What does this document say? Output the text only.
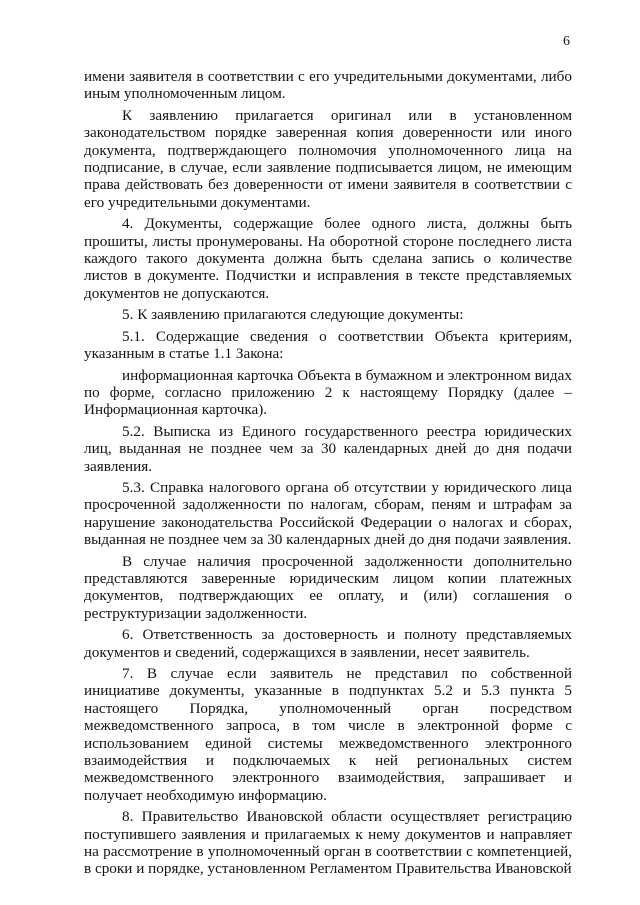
6

имени заявителя в соответствии с его учредительными документами, либо иным уполномоченным лицом.

К заявлению прилагается оригинал или в установленном законодательством порядке заверенная копия доверенности или иного документа, подтверждающего полномочия уполномоченного лица на подписание, в случае, если заявление подписывается лицом, не имеющим права действовать без доверенности от имени заявителя в соответствии с его учредительными документами.

4. Документы, содержащие более одного листа, должны быть прошиты, листы пронумерованы. На оборотной стороне последнего листа каждого такого документа должна быть сделана запись о количестве листов в документе. Подчистки и исправления в тексте представляемых документов не допускаются.

5. К заявлению прилагаются следующие документы:

5.1. Содержащие сведения о соответствии Объекта критериям, указанным в статье 1.1 Закона:

информационная карточка Объекта в бумажном и электронном видах по форме, согласно приложению 2 к настоящему Порядку (далее – Информационная карточка).

5.2. Выписка из Единого государственного реестра юридических лиц, выданная не позднее чем за 30 календарных дней до дня подачи заявления.

5.3. Справка налогового органа об отсутствии у юридического лица просроченной задолженности по налогам, сборам, пеням и штрафам за нарушение законодательства Российской Федерации о налогах и сборах, выданная не позднее чем за 30 календарных дней до дня подачи заявления.

В случае наличия просроченной задолженности дополнительно представляются заверенные юридическим лицом копии платежных документов, подтверждающих ее оплату, и (или) соглашения о реструктуризации задолженности.

6. Ответственность за достоверность и полноту представляемых документов и сведений, содержащихся в заявлении, несет заявитель.

7. В случае если заявитель не представил по собственной инициативе документы, указанные в подпунктах 5.2 и 5.3 пункта 5 настоящего Порядка, уполномоченный орган посредством межведомственного запроса, в том числе в электронной форме с использованием единой системы межведомственного электронного взаимодействия и подключаемых к ней региональных систем межведомственного электронного взаимодействия, запрашивает и получает необходимую информацию.

8. Правительство Ивановской области осуществляет регистрацию поступившего заявления и прилагаемых к нему документов и направляет на рассмотрение в уполномоченный орган в соответствии с компетенцией, в сроки и порядке, установленном Регламентом Правительства Ивановской
